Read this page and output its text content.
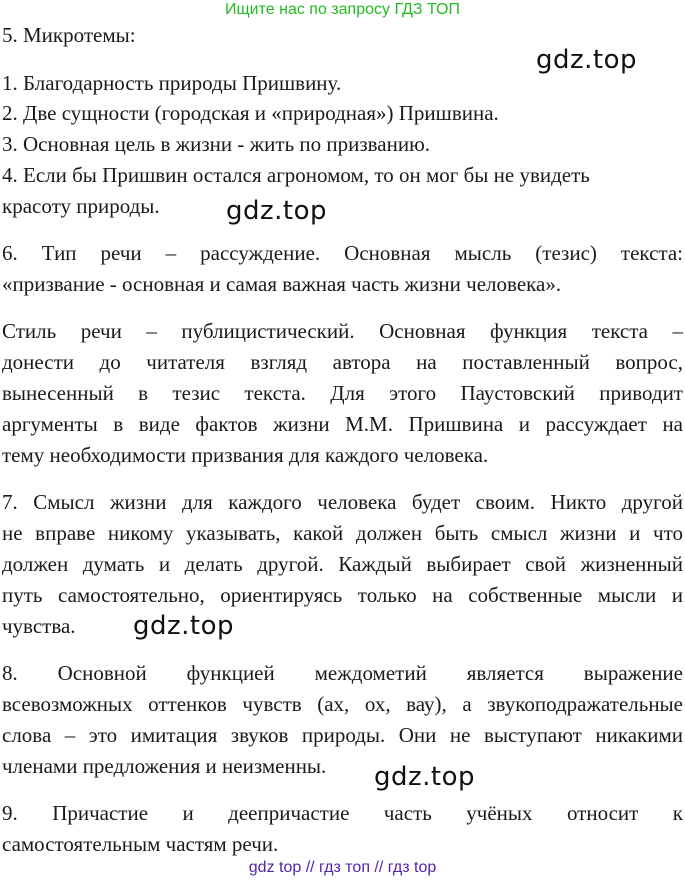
Ищите нас по запросу ГДЗ ТОП
5. Микротемы:
1. Благодарность природы Пришвину.
2. Две сущности (городская и «природная») Пришвина.
3. Основная цель в жизни - жить по призванию.
4. Если бы Пришвин остался агрономом, то он мог бы не увидеть
красоту природы.
6. Тип речи – рассуждение. Основная мысль (тезис) текста:
«призвание - основная и самая важная часть жизни человека».
Стиль речи – публицистический. Основная функция текста –
донести до читателя взгляд автора на поставленный вопрос,
вынесенный в тезис текста. Для этого Паустовский приводит
аргументы в виде фактов жизни М.М. Пришвина и рассуждает на
тему необходимости призвания для каждого человека.
7. Смысл жизни для каждого человека будет своим. Никто другой
не вправе никому указывать, какой должен быть смысл жизни и что
должен думать и делать другой. Каждый выбирает свой жизненный
путь самостоятельно, ориентируясь только на собственные мысли и
чувства.
8. Основной функцией междометий является выражение
всевозможных оттенков чувств (ах, ох, вау), а звукоподражательные
слова – это имитация звуков природы. Они не выступают никакими
членами предложения и неизменны.
9. Причастие и деепричастие часть учёных относит к
самостоятельным частям речи.
gdz.top
gdz.top
gdz.top
gdz.top
gdz top // гдз топ // гдз top
